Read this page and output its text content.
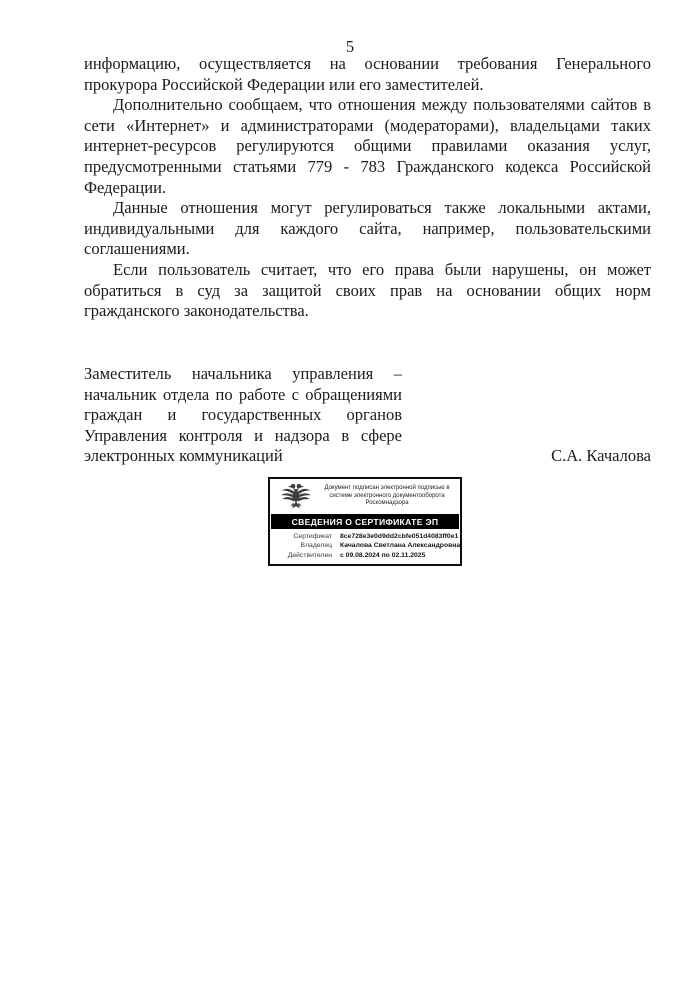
5

информацию, осуществляется на основании требования Генерального прокурора Российской Федерации или его заместителей.

Дополнительно сообщаем, что отношения между пользователями сайтов в сети «Интернет» и администраторами (модераторами), владельцами таких интернет-ресурсов регулируются общими правилами оказания услуг, предусмотренными статьями 779 - 783 Гражданского кодекса Российской Федерации.

Данные отношения могут регулироваться также локальными актами, индивидуальными для каждого сайта, например, пользовательскими соглашениями.

Если пользователь считает, что его права были нарушены, он может обратиться в суд за защитой своих прав на основании общих норм гражданского законодательства.

Заместитель начальника управления – начальник отдела по работе с обращениями граждан и государственных органов Управления контроля и надзора в сфере электронных коммуникаций	С.А. Качалова
Документ подписан электронной подписью в системе электронного документооборота Роскомнадзора
СВЕДЕНИЯ О СЕРТИФИКАТЕ ЭП
Сертификат	8ce728e3e0d9dd2cbfe051d4083ff0e1
Владелец	Качалова Светлана Александровна
Действителен	с 09.08.2024 по 02.11.2025
